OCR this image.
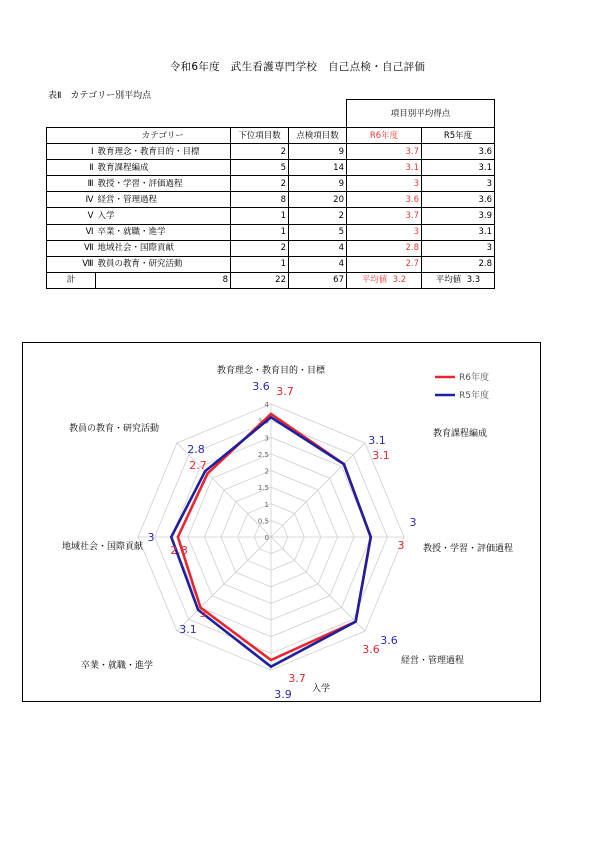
令和6年度　武生看護専門学校　自己点検・自己評価
表Ⅱ　カテゴリー別平均点
				項目別平均得点	
	カテゴリー	下位項目数	点検項目数	R6年度	R5年度
Ⅰ	教育理念・教育目的・目標	2	9	3.7	3.6
Ⅱ	教育課程編成	5	14	3.1	3.1
Ⅲ	教授・学習・評価過程	2	9	3	3
Ⅳ	経営・管理過程	8	20	3.6	3.6
Ⅴ	入学	1	2	3.7	3.9
Ⅵ	卒業・就職・進学	1	5	3	3.1
Ⅶ	地域社会・国際貢献	2	4	2.8	3
Ⅷ	教員の教育・研究活動	1	4	2.7	2.8
計	8	22	67	平均値 3.2	平均値 3.3
0
0.5
1
1.5
2
2.5
3
3.5
4
教育理念・教育目的・目標
教育課程編成
教授・学習・評価過程
経営・管理過程
入学
卒業・就職・進学
地域社会・国際貢献
教員の教育・研究活動
3.7
3.1
3
3.6
3.7
3
2.8
2.7
3.6
3.1
3
3.6
3.9
3.1
3
2.8
R6年度
R5年度
